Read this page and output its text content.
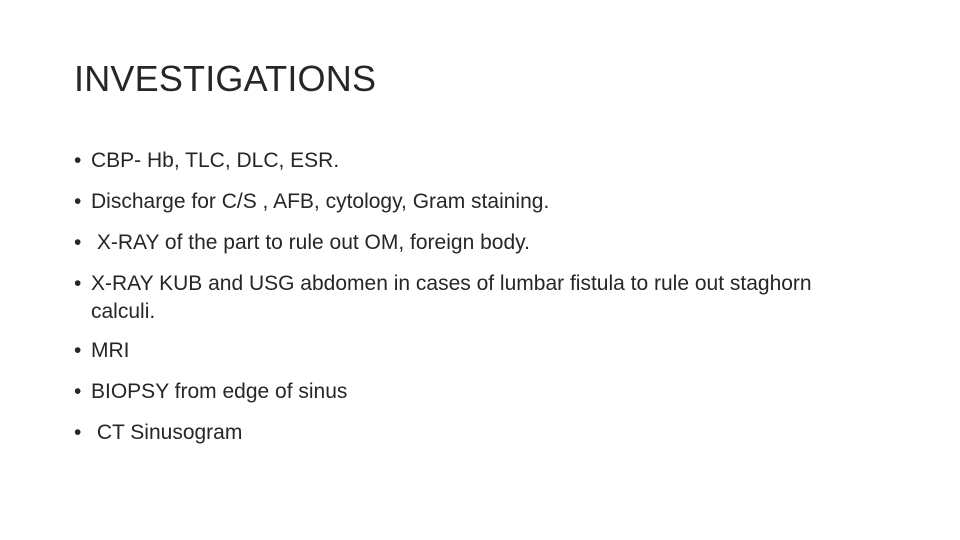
INVESTIGATIONS
• CBP- Hb, TLC, DLC, ESR.
• Discharge for C/S , AFB, cytology, Gram staining.
• X-RAY of the part to rule out OM, foreign body.
• X-RAY KUB and USG abdomen in cases of lumbar fistula to rule out staghorn calculi.
• MRI
• BIOPSY from edge of sinus
• CT Sinusogram
